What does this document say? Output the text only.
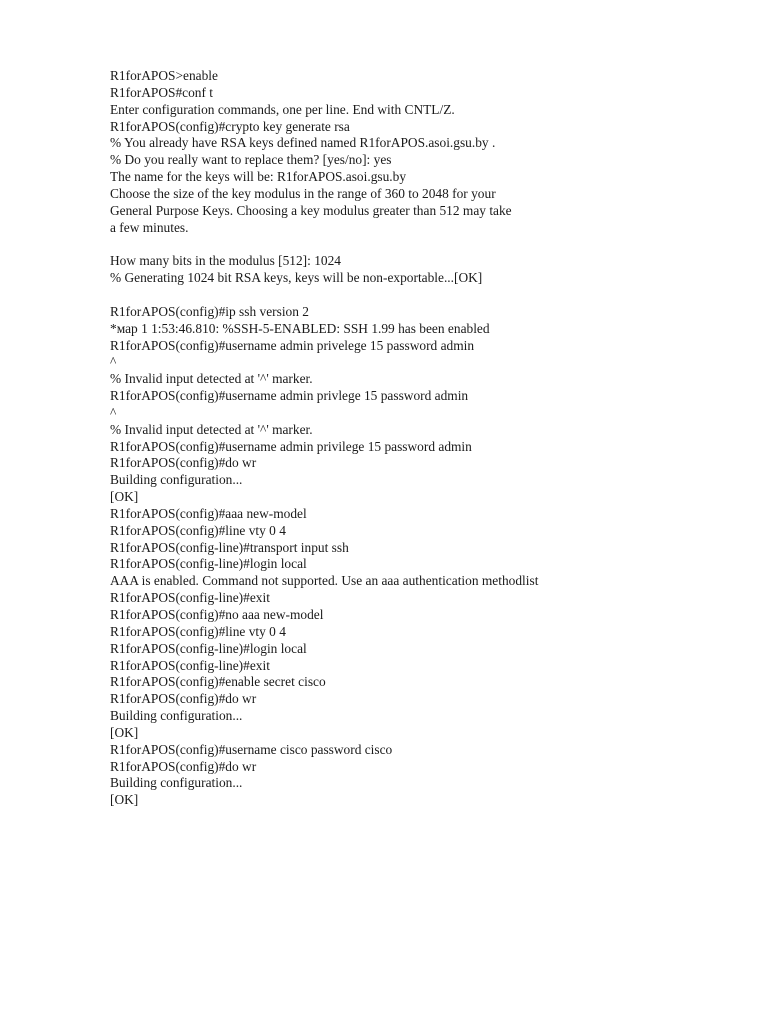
R1forAPOS>enable
R1forAPOS#conf t
Enter configuration commands, one per line. End with CNTL/Z.
R1forAPOS(config)#crypto key generate rsa
% You already have RSA keys defined named R1forAPOS.asoi.gsu.by .
% Do you really want to replace them? [yes/no]: yes
The name for the keys will be: R1forAPOS.asoi.gsu.by
Choose the size of the key modulus in the range of 360 to 2048 for your
General Purpose Keys. Choosing a key modulus greater than 512 may take
a few minutes.
How many bits in the modulus [512]: 1024
% Generating 1024 bit RSA keys, keys will be non-exportable...[OK]
R1forAPOS(config)#ip ssh version 2
*мар 1 1:53:46.810: %SSH-5-ENABLED: SSH 1.99 has been enabled
R1forAPOS(config)#username admin privelege 15 password admin
^
% Invalid input detected at '^' marker.
R1forAPOS(config)#username admin privlege 15 password admin
^
% Invalid input detected at '^' marker.
R1forAPOS(config)#username admin privilege 15 password admin
R1forAPOS(config)#do wr
Building configuration...
[OK]
R1forAPOS(config)#aaa new-model
R1forAPOS(config)#line vty 0 4
R1forAPOS(config-line)#transport input ssh
R1forAPOS(config-line)#login local
AAA is enabled. Command not supported. Use an aaa authentication methodlist
R1forAPOS(config-line)#exit
R1forAPOS(config)#no aaa new-model
R1forAPOS(config)#line vty 0 4
R1forAPOS(config-line)#login local
R1forAPOS(config-line)#exit
R1forAPOS(config)#enable secret cisco
R1forAPOS(config)#do wr
Building configuration...
[OK]
R1forAPOS(config)#username cisco password cisco
R1forAPOS(config)#do wr
Building configuration...
[OK]
